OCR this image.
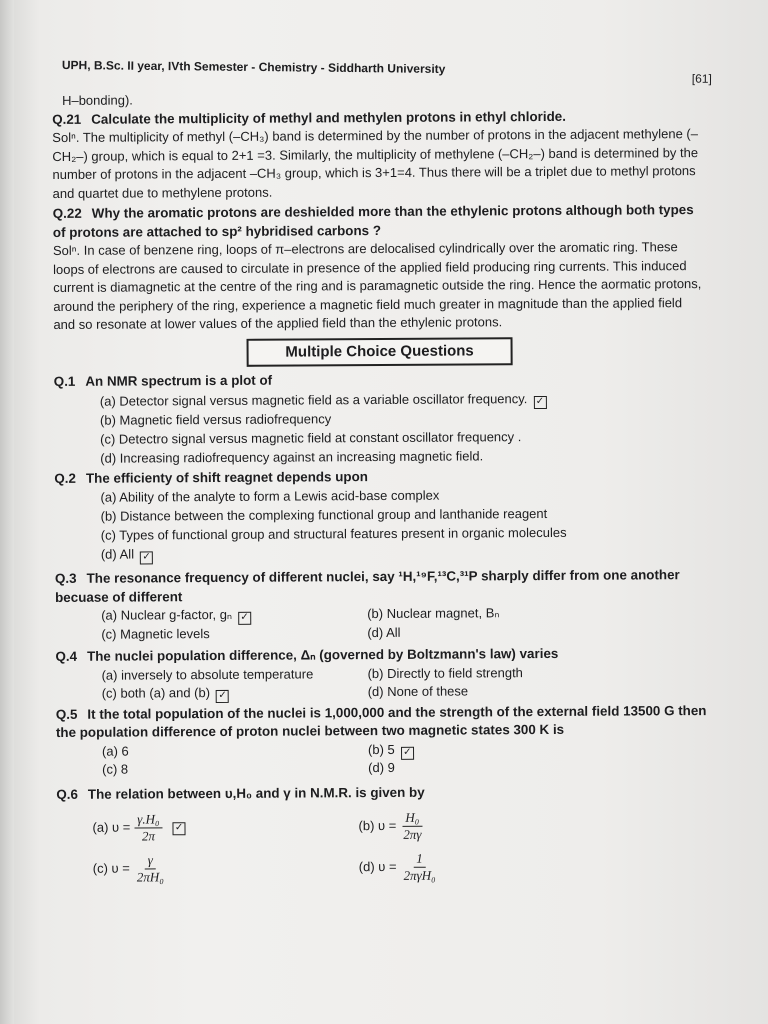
UPH, B.Sc. II year, IVth Semester - Chemistry - Siddharth University
[61]

H–bonding).

Q.21 Calculate the multiplicity of methyl and methylen protons in ethyl chloride.

Solⁿ. The multiplicity of methyl (–CH₃) band is determined by the number of protons in the adjacent methylene (–CH₂–) group, which is equal to 2+1 =3. Similarly, the multiplicity of methylene (–CH₂–) band is determined by the number of protons in the adjacent –CH₃ group, which is 3+1=4. Thus there will be a triplet due to methyl protons and quartet due to methylene protons.

Q.22 Why the aromatic protons are deshielded more than the ethylenic protons although both types of protons are attached to sp² hybridised carbons ?

Solⁿ. In case of benzene ring, loops of π–electrons are delocalised cylindrically over the aromatic ring. These loops of electrons are caused to circulate in presence of the applied field producing ring currents. This induced current is diamagnetic at the centre of the ring and is paramagnetic outside the ring. Hence the aormatic protons, around the periphery of the ring, experience a magnetic field much greater in magnitude than the applied field and so resonate at lower values of the applied field than the ethylenic protons.

Multiple Choice Questions
Q.1 An NMR spectrum is a plot of
(a) Detector signal versus magnetic field as a variable oscillator frequency. ✓
(b) Magnetic field versus radiofrequency
(c) Detectro signal versus magnetic field at constant oscillator frequency .
(d) Increasing radiofrequency against an increasing magnetic field.
Q.2 The efficienty of shift reagnet depends upon
(a) Ability of the analyte to form a Lewis acid-base complex
(b) Distance between the complexing functional group and lanthanide reagent
(c) Types of functional group and structural features present in organic molecules
(d) All ✓
Q.3 The resonance frequency of different nuclei, say ¹H,¹⁹F,¹³C,³¹P sharply differ from one another becuase of different
(a) Nuclear g-factor, gₙ ✓	(b) Nuclear magnet, Bₙ
(c) Magnetic levels	(d) All
Q.4 The nuclei population difference, Δₙ (governed by Boltzmann's law) varies
(a) inversely to absolute temperature	(b) Directly to field strength
(c) both (a) and (b) ✓	(d) None of these
Q.5 It the total population of the nuclei is 1,000,000 and the strength of the external field 13500 G then the population difference of proton nuclei between two magnetic states 300 K is
(a) 6	(b) 5 ✓
(c) 8	(d) 9
Q.6 The relation between υ,H₀ and γ in N.M.R. is given by
(a) $\upsilon = \frac{\text{γ.H₀}}{2\pi}$ ✓	(b) $\upsilon = \frac{\text{H₀}}{2\pi\gamma}$
(c) $\upsilon = \frac{\gamma}{\text{2πH₀}}$	(d) $\upsilon = \frac{1}{\text{2πγH₀}}$
